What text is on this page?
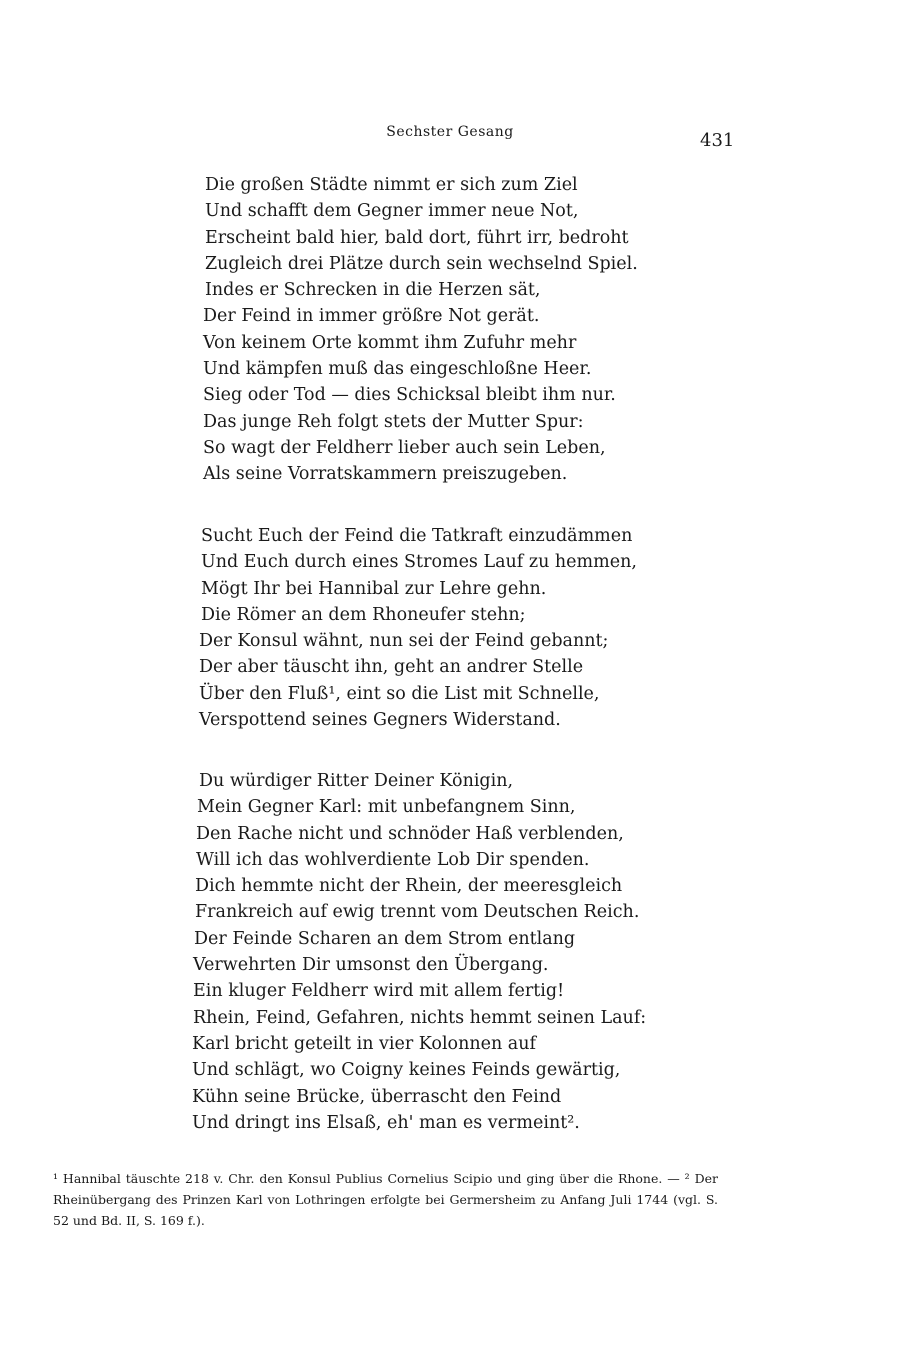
Sechster Gesang	431
Die großen Städte nimmt er sich zum Ziel
Und schafft dem Gegner immer neue Not,
Erscheint bald hier, bald dort, führt irr, bedroht
Zugleich drei Plätze durch sein wechselnd Spiel.
Indes er Schrecken in die Herzen sät,
Der Feind in immer größre Not gerät.
Von keinem Orte kommt ihm Zufuhr mehr
Und kämpfen muß das eingeschloßne Heer.
Sieg oder Tod — dies Schicksal bleibt ihm nur.
Das junge Reh folgt stets der Mutter Spur:
So wagt der Feldherr lieber auch sein Leben,
Als seine Vorratskammern preiszugeben.
Sucht Euch der Feind die Tatkraft einzudämmen
Und Euch durch eines Stromes Lauf zu hemmen,
Mögt Ihr bei Hannibal zur Lehre gehn.
Die Römer an dem Rhoneufer stehn;
Der Konsul wähnt, nun sei der Feind gebannt;
Der aber täuscht ihn, geht an andrer Stelle
Über den Fluß¹, eint so die List mit Schnelle,
Verspottend seines Gegners Widerstand.
Du würdiger Ritter Deiner Königin,
Mein Gegner Karl: mit unbefangnem Sinn,
Den Rache nicht und schnöder Haß verblenden,
Will ich das wohlverdiente Lob Dir spenden.
Dich hemmte nicht der Rhein, der meeresgleich
Frankreich auf ewig trennt vom Deutschen Reich.
Der Feinde Scharen an dem Strom entlang
Verwehrten Dir umsonst den Übergang.
Ein kluger Feldherr wird mit allem fertig!
Rhein, Feind, Gefahren, nichts hemmt seinen Lauf:
Karl bricht geteilt in vier Kolonnen auf
Und schlägt, wo Coigny keines Feinds gewärtig,
Kühn seine Brücke, überrascht den Feind
Und dringt ins Elsaß, eh' man es vermeint².
¹ Hannibal täuschte 218 v. Chr. den Konsul Publius Cornelius Scipio und ging über die Rhone. — ² Der Rheinübergang des Prinzen Karl von Lothringen erfolgte bei Germersheim zu Anfang Juli 1744 (vgl. S. 52 und Bd. II, S. 169 f.).
